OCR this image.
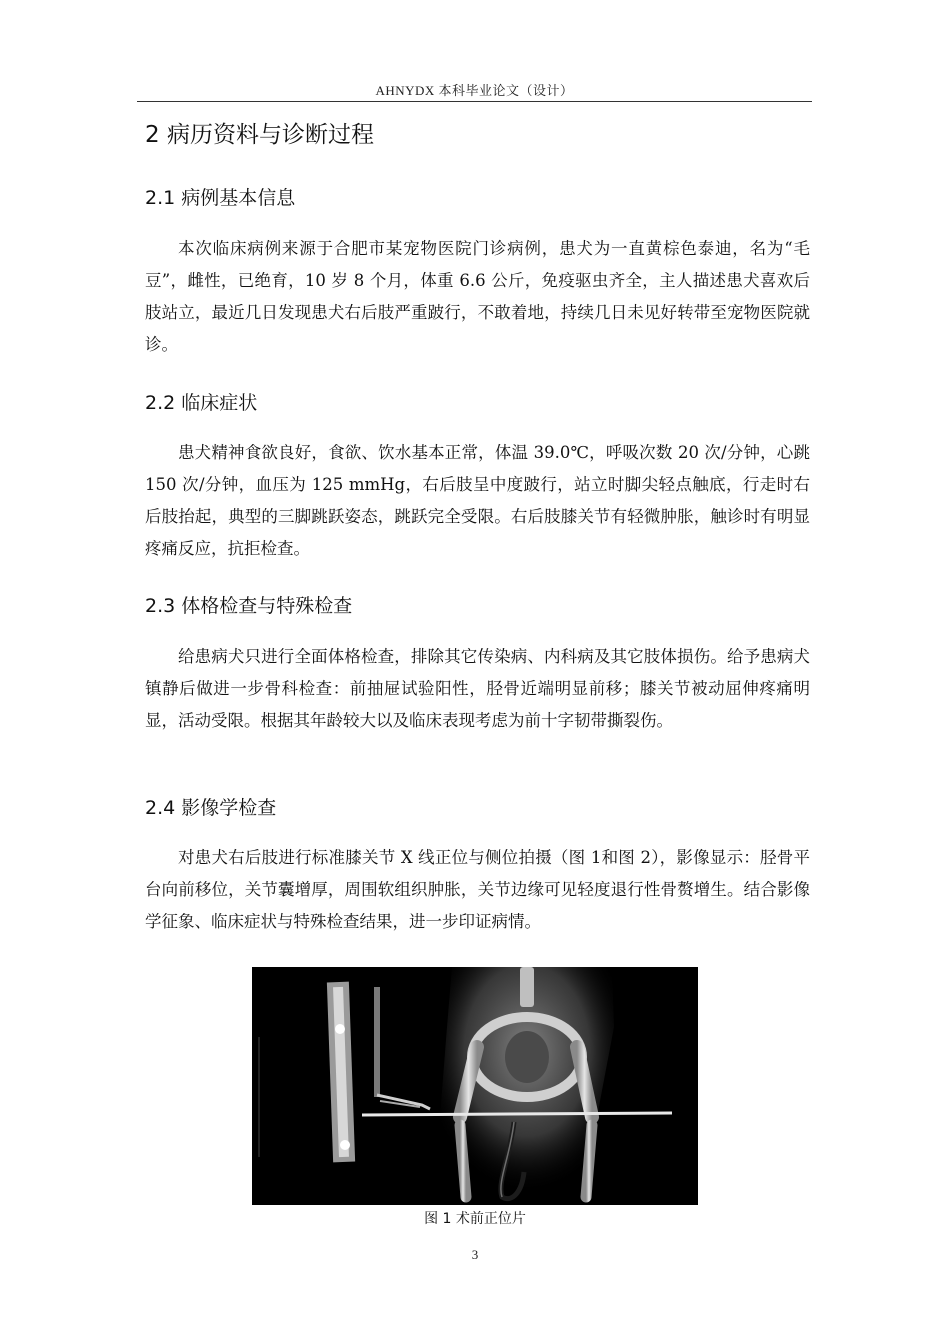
AHNYDX 本科毕业论文（设计）
2 病历资料与诊断过程
2.1 病例基本信息
本次临床病例来源于合肥市某宠物医院门诊病例，患犬为一直黄棕色泰迪，名为“毛豆”，雌性，已绝育，10 岁 8 个月，体重 6.6 公斤，免疫驱虫齐全，主人描述患犬喜欢后肢站立，最近几日发现患犬右后肢严重跛行，不敢着地，持续几日未见好转带至宠物医院就诊。
2.2 临床症状
患犬精神食欲良好，食欲、饮水基本正常，体温 39.0℃，呼吸次数 20 次/分钟，心跳 150 次/分钟，血压为 125 mmHg，右后肢呈中度跛行，站立时脚尖轻点触底，行走时右后肢抬起，典型的三脚跳跃姿态，跳跃完全受限。右后肢膝关节有轻微肿胀，触诊时有明显疼痛反应，抗拒检查。
2.3 体格检查与特殊检查
给患病犬只进行全面体格检查，排除其它传染病、内科病及其它肢体损伤。给予患病犬镇静后做进一步骨科检查：前抽屉试验阳性，胫骨近端明显前移；膝关节被动屈伸疼痛明显，活动受限。根据其年龄较大以及临床表现考虑为前十字韧带撕裂伤。
2.4 影像学检查
对患犬右后肢进行标准膝关节 X 线正位与侧位拍摄（图 1和图 2），影像显示：胫骨平台向前移位，关节囊增厚，周围软组织肿胀，关节边缘可见轻度退行性骨赘增生。结合影像学征象、临床症状与特殊检查结果，进一步印证病情。
图 1 术前正位片
3
